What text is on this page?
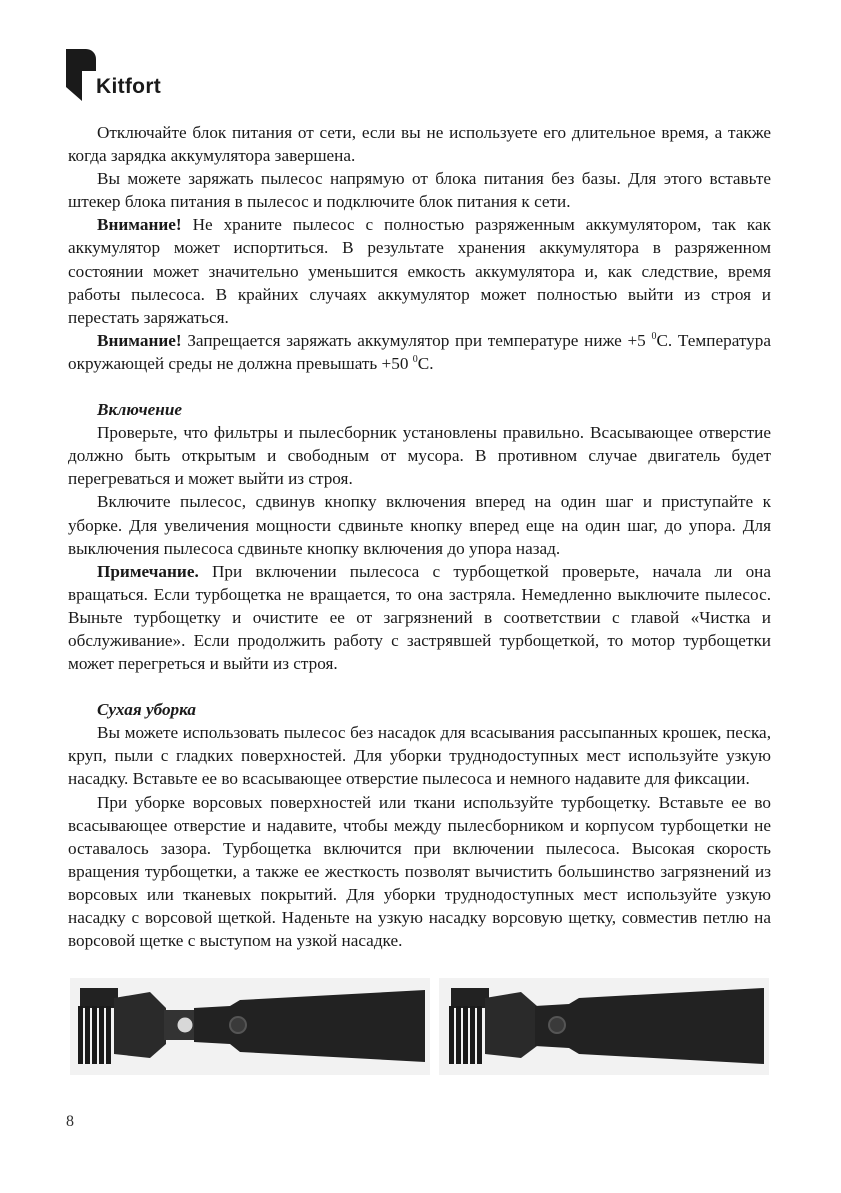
Kitfort

Отключайте блок питания от сети, если вы не используете его длительное время, а также когда зарядка аккумулятора завершена.

Вы можете заряжать пылесос напрямую от блока питания без базы. Для этого вставьте штекер блока питания в пылесос и подключите блок питания к сети.

Внимание! Не храните пылесос с полностью разряженным аккумулятором, так как аккумулятор может испортиться. В результате хранения аккумулятора в разряженном состоянии может значительно уменьшится емкость аккумулятора и, как следствие, время работы пылесоса. В крайних случаях аккумулятор может полностью выйти из строя и перестать заряжаться.

Внимание! Запрещается заряжать аккумулятор при температуре ниже +5 $^0$С. Температура окружающей среды не должна превышать +50 $^0$С.

Включение

Проверьте, что фильтры и пылесборник установлены правильно. Всасывающее отверстие должно быть открытым и свободным от мусора. В противном случае двигатель будет перегреваться и может выйти из строя.

Включите пылесос, сдвинув кнопку включения вперед на один шаг и приступайте к уборке. Для увеличения мощности сдвиньте кнопку вперед еще на один шаг, до упора. Для выключения пылесоса сдвиньте кнопку включения до упора назад.

Примечание. При включении пылесоса с турбощеткой проверьте, начала ли она вращаться. Если турбощетка не вращается, то она застряла. Немедленно выключите пылесос. Выньте турбощетку и очистите ее от загрязнений в соответствии с главой «Чистка и обслуживание». Если продолжить работу с застрявшей турбощеткой, то мотор турбощетки может перегреться и выйти из строя.

Сухая уборка

Вы можете использовать пылесос без насадок для всасывания рассыпанных крошек, песка, круп, пыли с гладких поверхностей. Для уборки труднодоступных мест используйте узкую насадку. Вставьте ее во всасывающее отверстие пылесоса и немного надавите для фиксации.

При уборке ворсовых поверхностей или ткани используйте турбощетку. Вставьте ее во всасывающее отверстие и надавите, чтобы между пылесборником и корпусом турбощетки не оставалось зазора. Турбощетка включится при включении пылесоса. Высокая скорость вращения турбощетки, а также ее жесткость позволят вычистить большинство загрязнений из ворсовых или тканевых покрытий. Для уборки труднодоступных мест используйте узкую насадку с ворсовой щеткой. Наденьте на узкую насадку ворсовую щетку, совместив петлю на ворсовой щетке с выступом на узкой насадке.

8
